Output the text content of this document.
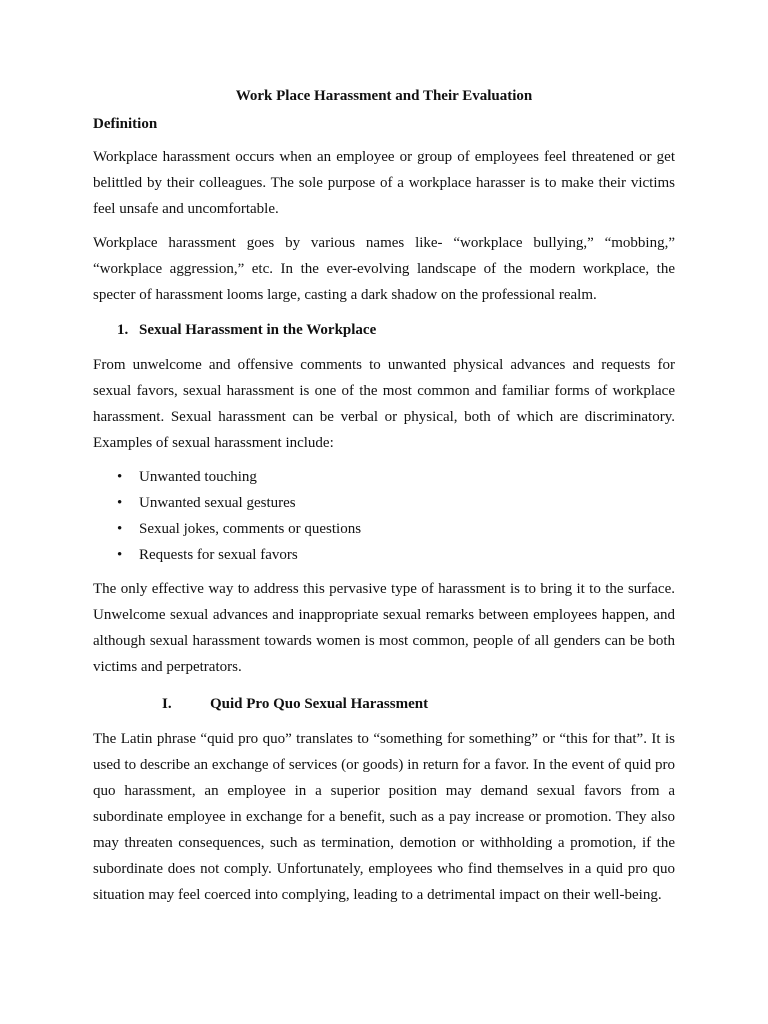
Work Place Harassment and Their Evaluation
Definition

Workplace harassment occurs when an employee or group of employees feel threatened or get belittled by their colleagues. The sole purpose of a workplace harasser is to make their victims feel unsafe and uncomfortable.

Workplace harassment goes by various names like- “workplace bullying,” “mobbing,” “workplace aggression,” etc. In the ever-evolving landscape of the modern workplace, the specter of harassment looms large, casting a dark shadow on the professional realm.

1. Sexual Harassment in the Workplace

From unwelcome and offensive comments to unwanted physical advances and requests for sexual favors, sexual harassment is one of the most common and familiar forms of workplace harassment. Sexual harassment can be verbal or physical, both of which are discriminatory. Examples of sexual harassment include:

•	Unwanted touching
•	Unwanted sexual gestures
•	Sexual jokes, comments or questions
•	Requests for sexual favors

The only effective way to address this pervasive type of harassment is to bring it to the surface. Unwelcome sexual advances and inappropriate sexual remarks between employees happen, and although sexual harassment towards women is most common, people of all genders can be both victims and perpetrators.

I.	Quid Pro Quo Sexual Harassment

The Latin phrase “quid pro quo” translates to “something for something” or “this for that”. It is used to describe an exchange of services (or goods) in return for a favor. In the event of quid pro quo harassment, an employee in a superior position may demand sexual favors from a subordinate employee in exchange for a benefit, such as a pay increase or promotion. They also may threaten consequences, such as termination, demotion or withholding a promotion, if the subordinate does not comply. Unfortunately, employees who find themselves in a quid pro quo situation may feel coerced into complying, leading to a detrimental impact on their well-being.
